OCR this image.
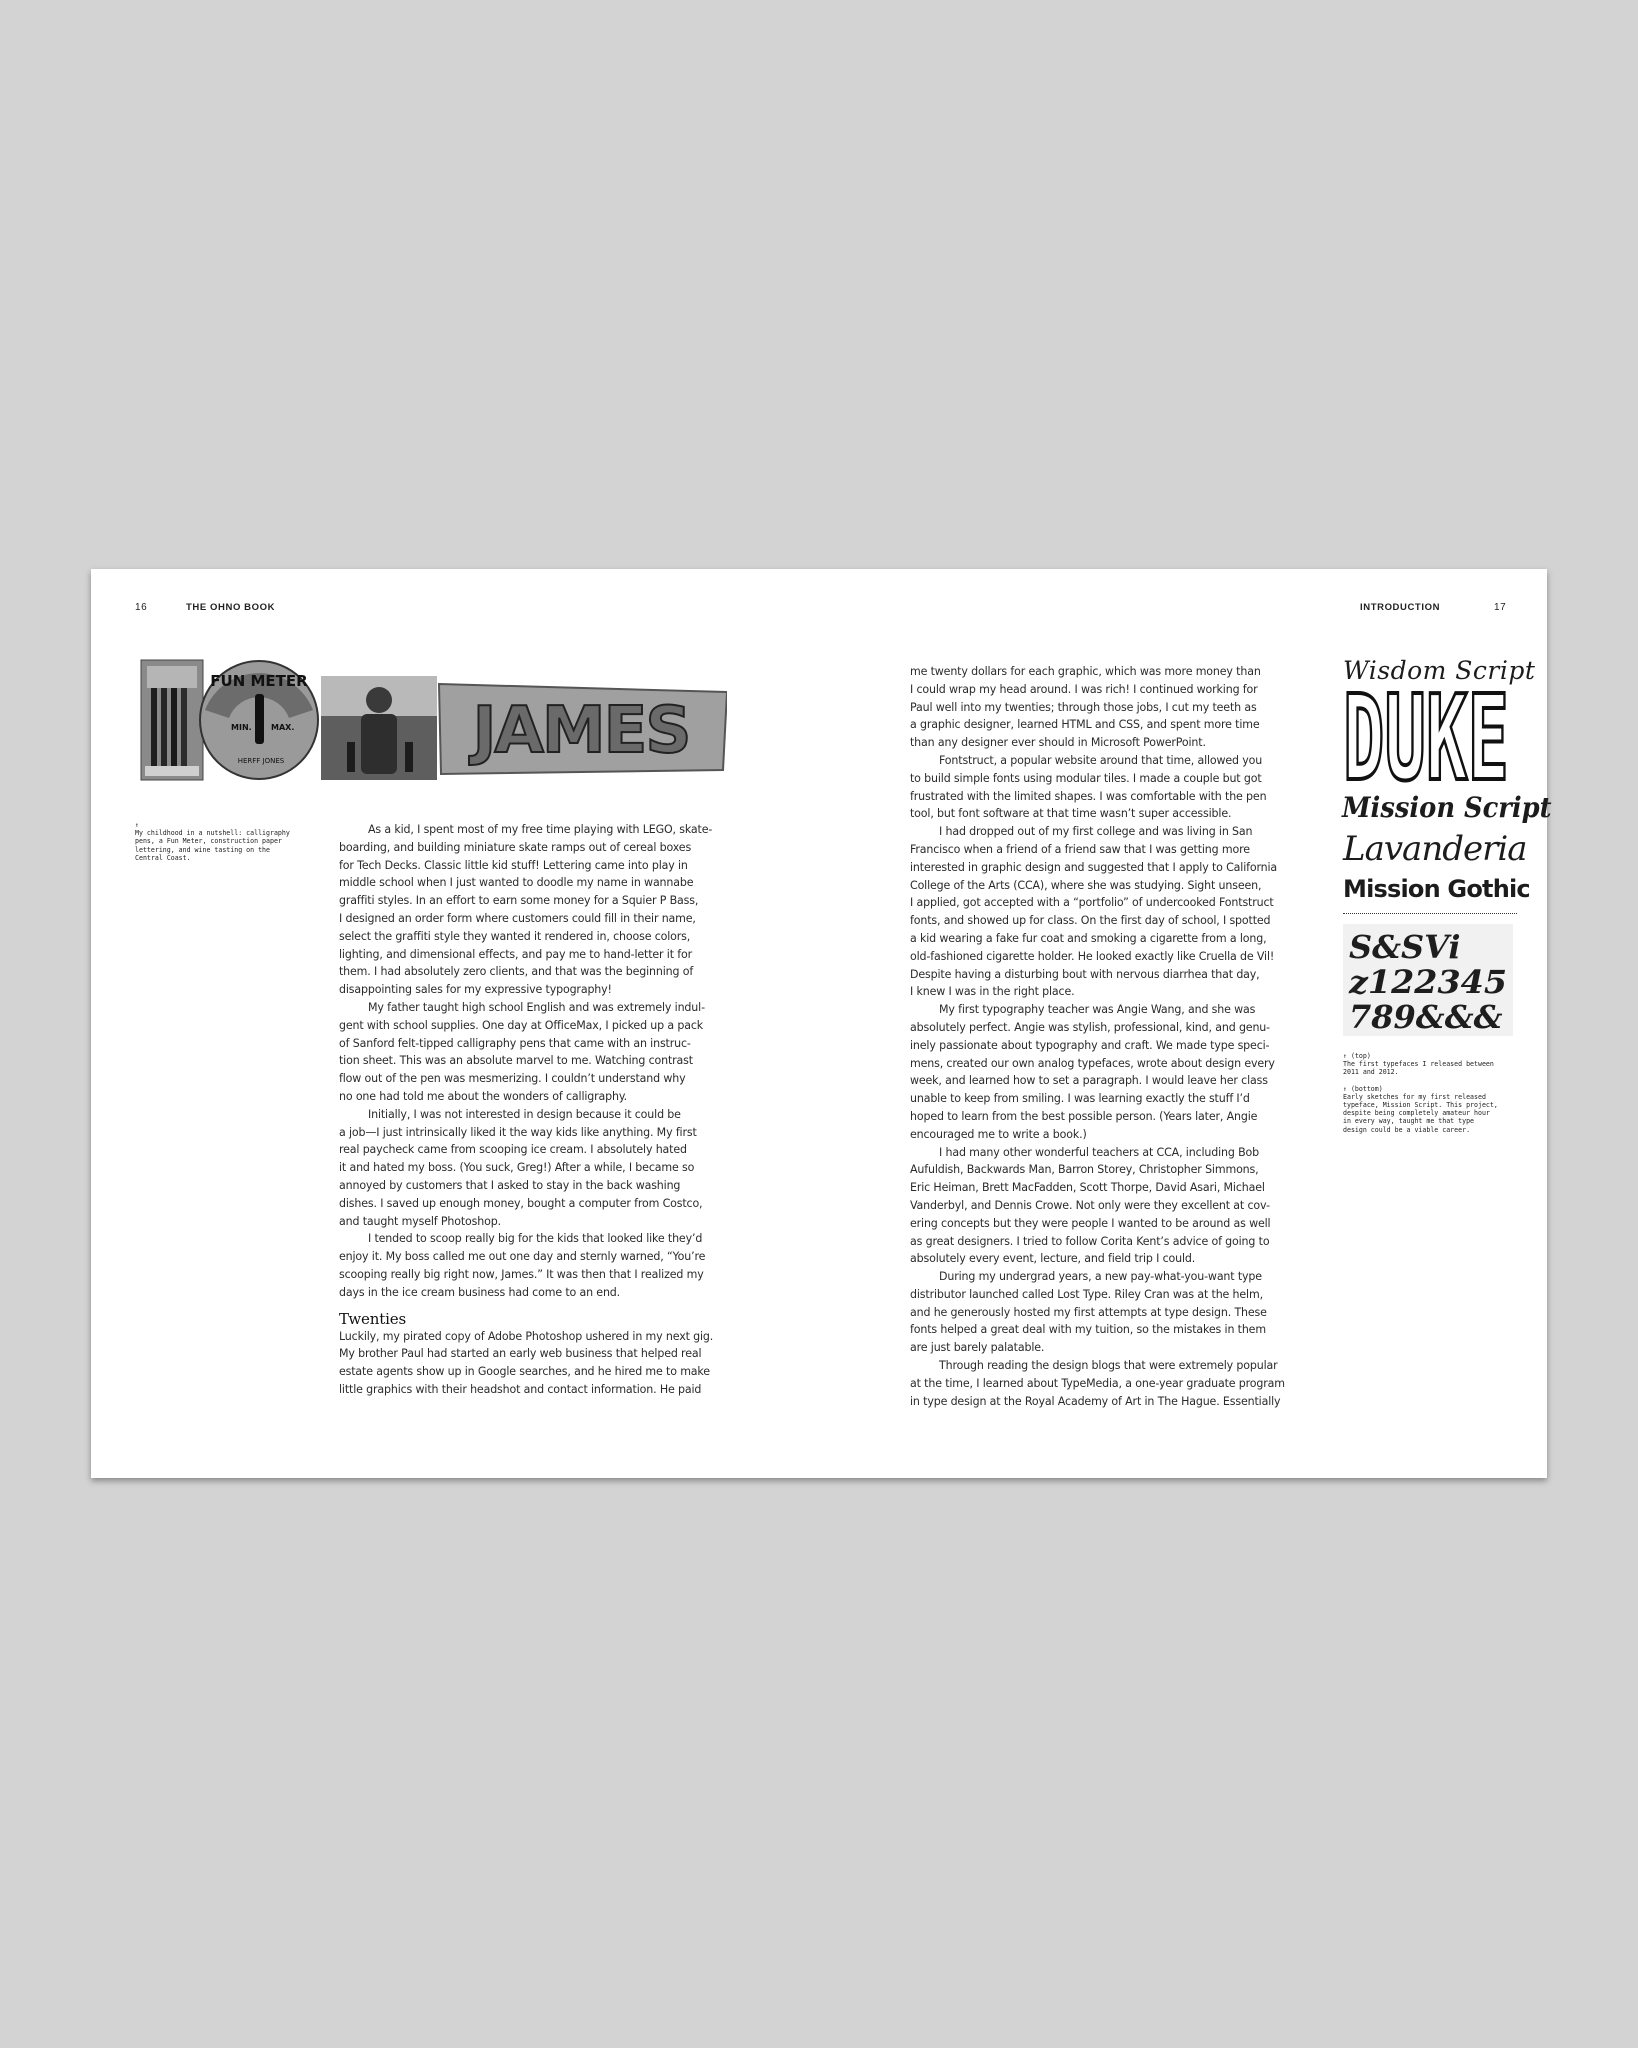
16	THE OHNO BOOK	INTRODUCTION	17
FUN METER
MIN. MAX.
HERFF JONES	JAMES
↑
My childhood in a nutshell: calligraphy
pens, a Fun Meter, construction paper
lettering, and wine tasting on the
Central Coast.
As a kid, I spent most of my free time playing with LEGO, skate-
boarding, and building miniature skate ramps out of cereal boxes
for Tech Decks. Classic little kid stuff! Lettering came into play in
middle school when I just wanted to doodle my name in wannabe
graffiti styles. In an effort to earn some money for a Squier P Bass,
I designed an order form where customers could fill in their name,
select the graffiti style they wanted it rendered in, choose colors,
lighting, and dimensional effects, and pay me to hand-letter it for
them. I had absolutely zero clients, and that was the beginning of
disappointing sales for my expressive typography!
My father taught high school English and was extremely indul-
gent with school supplies. One day at OfficeMax, I picked up a pack
of Sanford felt-tipped calligraphy pens that came with an instruc-
tion sheet. This was an absolute marvel to me. Watching contrast
flow out of the pen was mesmerizing. I couldn’t understand why
no one had told me about the wonders of calligraphy.
Initially, I was not interested in design because it could be
a job—I just intrinsically liked it the way kids like anything. My first
real paycheck came from scooping ice cream. I absolutely hated
it and hated my boss. (You suck, Greg!) After a while, I became so
annoyed by customers that I asked to stay in the back washing
dishes. I saved up enough money, bought a computer from Costco,
and taught myself Photoshop.
I tended to scoop really big for the kids that looked like they’d
enjoy it. My boss called me out one day and sternly warned, “You’re
scooping really big right now, James.” It was then that I realized my
days in the ice cream business had come to an end.
Twenties
Luckily, my pirated copy of Adobe Photoshop ushered in my next gig.
My brother Paul had started an early web business that helped real
estate agents show up in Google searches, and he hired me to make
little graphics with their headshot and contact information. He paid
me twenty dollars for each graphic, which was more money than
I could wrap my head around. I was rich! I continued working for
Paul well into my twenties; through those jobs, I cut my teeth as
a graphic designer, learned HTML and CSS, and spent more time
than any designer ever should in Microsoft PowerPoint.
Fontstruct, a popular website around that time, allowed you
to build simple fonts using modular tiles. I made a couple but got
frustrated with the limited shapes. I was comfortable with the pen
tool, but font software at that time wasn’t super accessible.
I had dropped out of my first college and was living in San
Francisco when a friend of a friend saw that I was getting more
interested in graphic design and suggested that I apply to California
College of the Arts (CCA), where she was studying. Sight unseen,
I applied, got accepted with a “portfolio” of undercooked Fontstruct
fonts, and showed up for class. On the first day of school, I spotted
a kid wearing a fake fur coat and smoking a cigarette from a long,
old-fashioned cigarette holder. He looked exactly like Cruella de Vil!
Despite having a disturbing bout with nervous diarrhea that day,
I knew I was in the right place.
My first typography teacher was Angie Wang, and she was
absolutely perfect. Angie was stylish, professional, kind, and genu-
inely passionate about typography and craft. We made type speci-
mens, created our own analog typefaces, wrote about design every
week, and learned how to set a paragraph. I would leave her class
unable to keep from smiling. I was learning exactly the stuff I’d
hoped to learn from the best possible person. (Years later, Angie
encouraged me to write a book.)
I had many other wonderful teachers at CCA, including Bob
Aufuldish, Backwards Man, Barron Storey, Christopher Simmons,
Eric Heiman, Brett MacFadden, Scott Thorpe, David Asari, Michael
Vanderbyl, and Dennis Crowe. Not only were they excellent at cov-
ering concepts but they were people I wanted to be around as well
as great designers. I tried to follow Corita Kent’s advice of going to
absolutely every event, lecture, and field trip I could.
During my undergrad years, a new pay-what-you-want type
distributor launched called Lost Type. Riley Cran was at the helm,
and he generously hosted my first attempts at type design. These
fonts helped a great deal with my tuition, so the mistakes in them
are just barely palatable.
Through reading the design blogs that were extremely popular
at the time, I learned about TypeMedia, a one-year graduate program
in type design at the Royal Academy of Art in The Hague. Essentially
Wisdom Script
DUKE
Mission Script
Lavanderia
Mission Gothic
S&SVi
z122345
789&&&
↑ (top)
The first typefaces I released between
2011 and 2012.
↑ (bottom)
Early sketches for my first released
typeface, Mission Script. This project,
despite being completely amateur hour
in every way, taught me that type
design could be a viable career.
